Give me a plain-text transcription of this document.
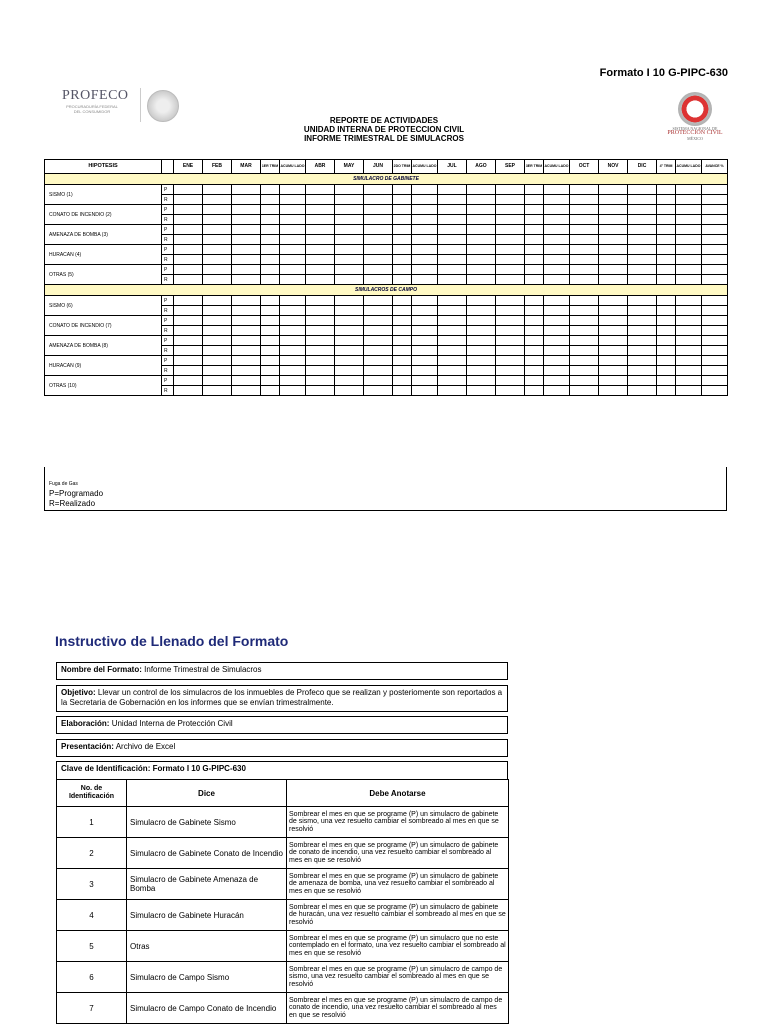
Formato I 10 G-PIPC-630
PROFECO
PROCURADURÍA FEDERAL DEL CONSUMIDOR
SISTEMA NACIONAL DE
PROTECCIÓN CIVIL
MÉXICO
REPORTE DE ACTIVIDADES
UNIDAD INTERNA DE PROTECCION CIVIL
INFORME TRIMESTRAL DE SIMULACROS
HIPOTESIS		ENE	FEB	MAR	1ER TRIM	ACUMU LADO	ABR	MAY	JUN	2DO TRIM	ACUMU LADO	JUL	AGO	SEP	3ER TRIM	ACUMU LADO	OCT	NOV	DIC	4° TRIM	ACUMU LADO	AVANCE %
SIMULACRO DE GABINETE																						
SISMO (1)	P																					
	R																					
CONATO DE INCENDIO (2)	P																					
	R																					
AMENAZA DE BOMBA (3)	P																					
	R																					
HURACAN (4)	P																					
	R																					
OTRAS (5)	P																					
	R																					
SIMULACROS DE CAMPO																						
SISMO (6)	P																					
	R																					
CONATO DE INCENDIO (7)	P																					
	R																					
AMENAZA DE BOMBA (8)	P																					
	R																					
HURACAN (9)	P																					
	R																					
OTRAS (10)	P																					
	R																					
Fuga de Gas
P=Programado
R=Realizado
Instructivo de Llenado del Formato
Nombre del Formato: Informe Trimestral de Simulacros
Objetivo: Llevar un control de los simulacros de los inmuebles de Profeco que se realizan y posteriomente son reportados a la Secretaria de Gobernación en los informes que se envían trimestralmente.
Elaboración: Unidad Interna de Protección Civil
Presentación: Archivo de Excel
Clave de Identificación: Formato I 10 G-PIPC-630
No. de Identificación	Dice	Debe Anotarse
1	Simulacro de Gabinete Sismo	Sombrear el mes en que se programe (P) un simulacro de gabinete de sismo, una vez resuelto cambiar el sombreado al mes en que se resolvió
2	Simulacro de Gabinete Conato de Incendio	Sombrear el mes en que se programe (P) un simulacro de gabinete de conato de incendio, una vez resuelto cambiar el sombreado al mes en que se resolvió
3	Simulacro de Gabinete Amenaza de Bomba	Sombrear el mes en que se programe (P) un simulacro de gabinete de amenaza de bomba, una vez resuelto cambiar el sombreado al mes en que se resolvió
4	Simulacro de Gabinete Huracán	Sombrear el mes en que se programe (P) un simulacro de gabinete de huracán, una vez resuelto cambiar el sombreado al mes en que se resolvió
5	Otras	Sombrear el mes en que se programe (P) un simulacro que no este contemplado en el formato, una vez resuelto cambiar el sombreado al mes en que se resolvió
6	Simulacro de Campo Sismo	Sombrear el mes en que se programe (P) un simulacro de campo de sismo, una vez resuelto cambiar el sombreado al mes en que se resolvió
7	Simulacro de Campo Conato de Incendio	Sombrear el mes en que se programe (P) un simulacro de campo de conato de incendio, una vez resuelto cambiar el sombreado al mes en que se resolvió
